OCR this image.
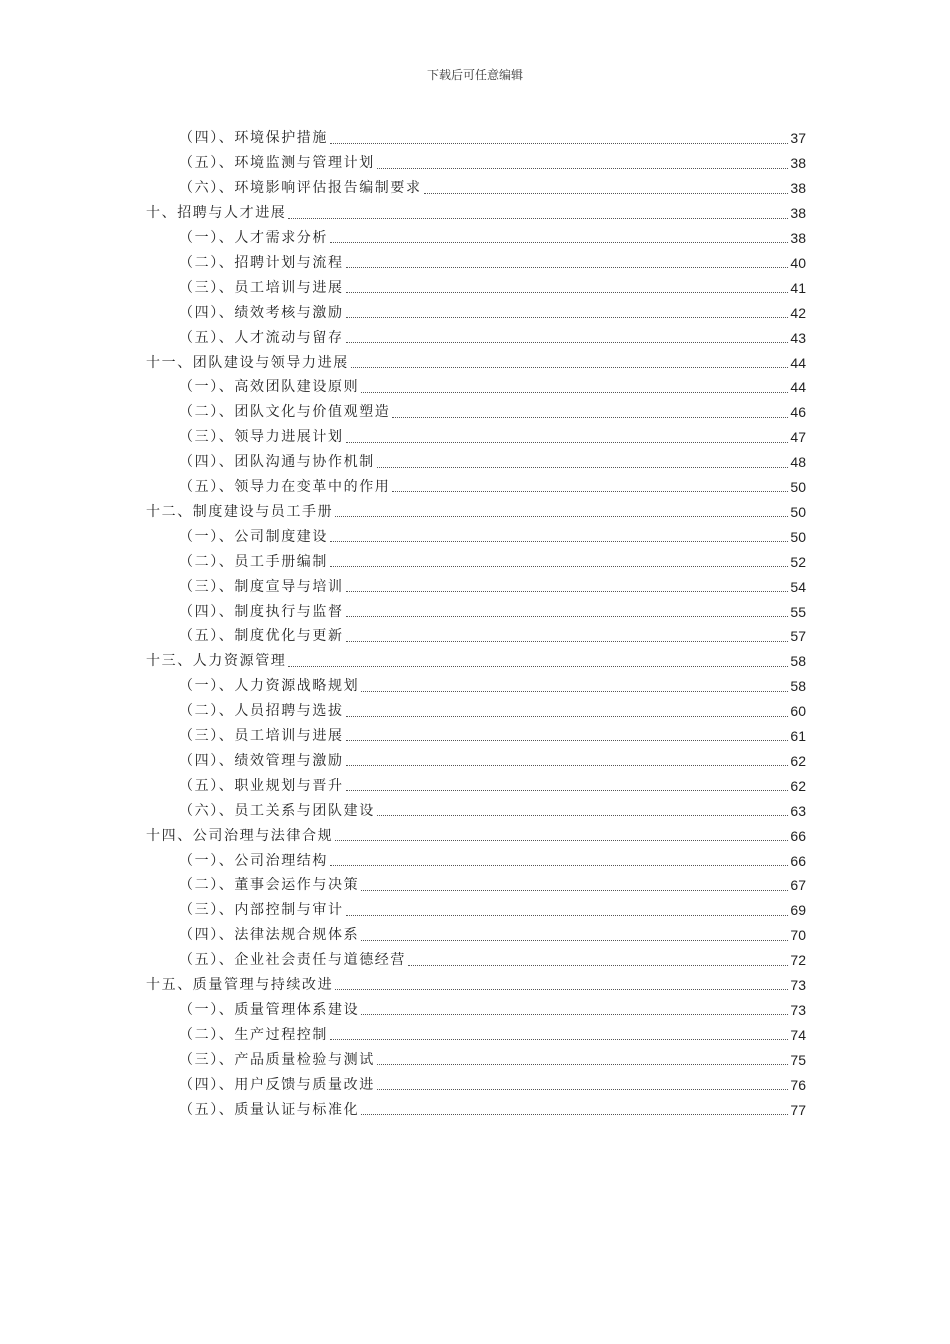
下载后可任意编辑
（四）、环境保护措施	37
（五）、环境监测与管理计划	38
（六）、环境影响评估报告编制要求	38
十、招聘与人才进展	38
（一）、人才需求分析	38
（二）、招聘计划与流程	40
（三）、员工培训与进展	41
（四）、绩效考核与激励	42
（五）、人才流动与留存	43
十一、团队建设与领导力进展	44
（一）、高效团队建设原则	44
（二）、团队文化与价值观塑造	46
（三）、领导力进展计划	47
（四）、团队沟通与协作机制	48
（五）、领导力在变革中的作用	50
十二、制度建设与员工手册	50
（一）、公司制度建设	50
（二）、员工手册编制	52
（三）、制度宣导与培训	54
（四）、制度执行与监督	55
（五）、制度优化与更新	57
十三、人力资源管理	58
（一）、人力资源战略规划	58
（二）、人员招聘与选拔	60
（三）、员工培训与进展	61
（四）、绩效管理与激励	62
（五）、职业规划与晋升	62
（六）、员工关系与团队建设	63
十四、公司治理与法律合规	66
（一）、公司治理结构	66
（二）、董事会运作与决策	67
（三）、内部控制与审计	69
（四）、法律法规合规体系	70
（五）、企业社会责任与道德经营	72
十五、质量管理与持续改进	73
（一）、质量管理体系建设	73
（二）、生产过程控制	74
（三）、产品质量检验与测试	75
（四）、用户反馈与质量改进	76
（五）、质量认证与标准化	77
